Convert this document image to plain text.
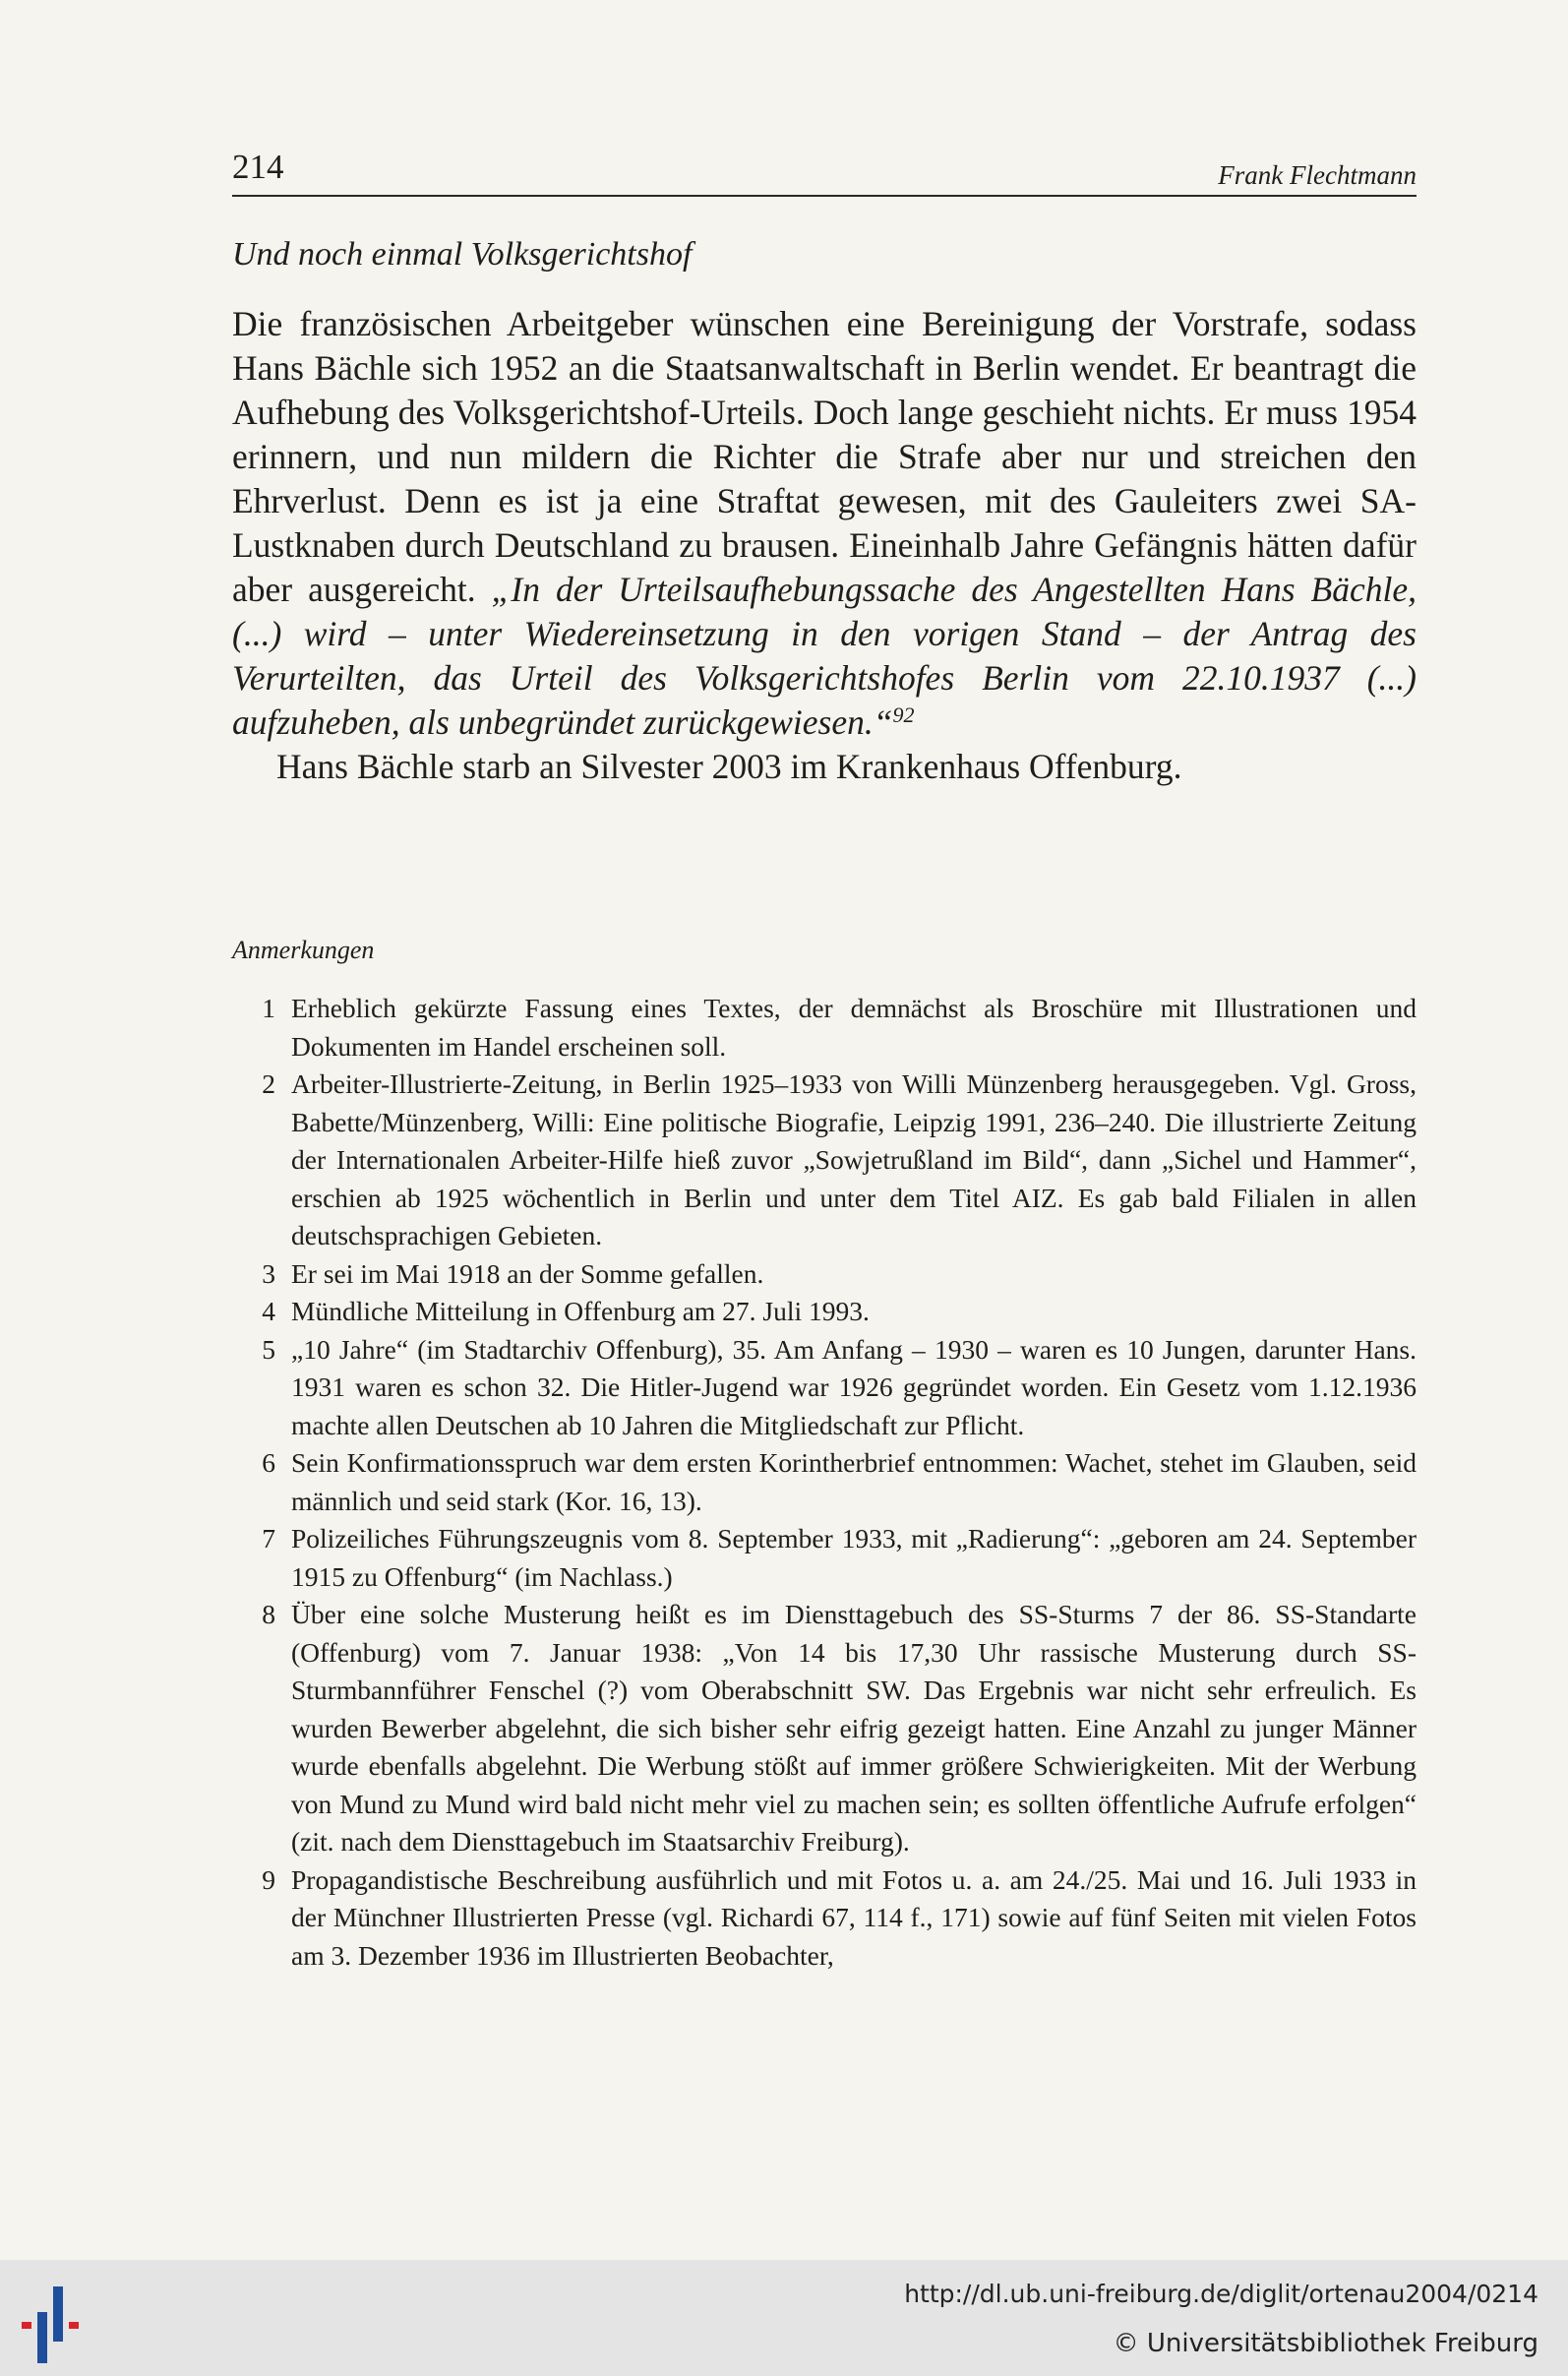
214	Frank Flechtmann
Und noch einmal Volksgerichtshof

Die französischen Arbeitgeber wünschen eine Bereinigung der Vorstrafe, sodass Hans Bächle sich 1952 an die Staatsanwaltschaft in Berlin wendet. Er beantragt die Aufhebung des Volksgerichtshof-Urteils. Doch lange geschieht nichts. Er muss 1954 erinnern, und nun mildern die Richter die Strafe aber nur und streichen den Ehrverlust. Denn es ist ja eine Straftat gewesen, mit des Gauleiters zwei SA-Lustknaben durch Deutschland zu brausen. Eineinhalb Jahre Gefängnis hätten dafür aber ausgereicht. „In der Urteilsaufhebungssache des Angestellten Hans Bächle, (...) wird – unter Wiedereinsetzung in den vorigen Stand – der Antrag des Verurteilten, das Urteil des Volksgerichtshofes Berlin vom 22.10.1937 (...) aufzuheben, als unbegründet zurückgewiesen.“$^{92}$

Hans Bächle starb an Silvester 2003 im Krankenhaus Offenburg.

Anmerkungen
1 Erheblich gekürzte Fassung eines Textes, der demnächst als Broschüre mit Illustrationen und Dokumenten im Handel erscheinen soll.
2 Arbeiter-Illustrierte-Zeitung, in Berlin 1925–1933 von Willi Münzenberg herausgegeben. Vgl. Gross, Babette/Münzenberg, Willi: Eine politische Biografie, Leipzig 1991, 236–240. Die illustrierte Zeitung der Internationalen Arbeiter-Hilfe hieß zuvor „Sowjetrußland im Bild“, dann „Sichel und Hammer“, erschien ab 1925 wöchentlich in Berlin und unter dem Titel AIZ. Es gab bald Filialen in allen deutschsprachigen Gebieten.
3 Er sei im Mai 1918 an der Somme gefallen.
4 Mündliche Mitteilung in Offenburg am 27. Juli 1993.
5 „10 Jahre“ (im Stadtarchiv Offenburg), 35. Am Anfang – 1930 – waren es 10 Jungen, darunter Hans. 1931 waren es schon 32. Die Hitler-Jugend war 1926 gegründet worden. Ein Gesetz vom 1.12.1936 machte allen Deutschen ab 10 Jahren die Mitgliedschaft zur Pflicht.
6 Sein Konfirmationsspruch war dem ersten Korintherbrief entnommen: Wachet, stehet im Glauben, seid männlich und seid stark (Kor. 16, 13).
7 Polizeiliches Führungszeugnis vom 8. September 1933, mit „Radierung“: „geboren am 24. September 1915 zu Offenburg“ (im Nachlass.)
8 Über eine solche Musterung heißt es im Diensttagebuch des SS-Sturms 7 der 86. SS-Standarte (Offenburg) vom 7. Januar 1938: „Von 14 bis 17,30 Uhr rassische Musterung durch SS-Sturmbannführer Fenschel (?) vom Oberabschnitt SW. Das Ergebnis war nicht sehr erfreulich. Es wurden Bewerber abgelehnt, die sich bisher sehr eifrig gezeigt hatten. Eine Anzahl zu junger Männer wurde ebenfalls abgelehnt. Die Werbung stößt auf immer größere Schwierigkeiten. Mit der Werbung von Mund zu Mund wird bald nicht mehr viel zu machen sein; es sollten öffentliche Aufrufe erfolgen“ (zit. nach dem Diensttagebuch im Staatsarchiv Freiburg).
9 Propagandistische Beschreibung ausführlich und mit Fotos u. a. am 24./25. Mai und 16. Juli 1933 in der Münchner Illustrierten Presse (vgl. Richardi 67, 114 f., 171) sowie auf fünf Seiten mit vielen Fotos am 3. Dezember 1936 im Illustrierten Beobachter,
http://dl.ub.uni-freiburg.de/diglit/ortenau2004/0214
© Universitätsbibliothek Freiburg
